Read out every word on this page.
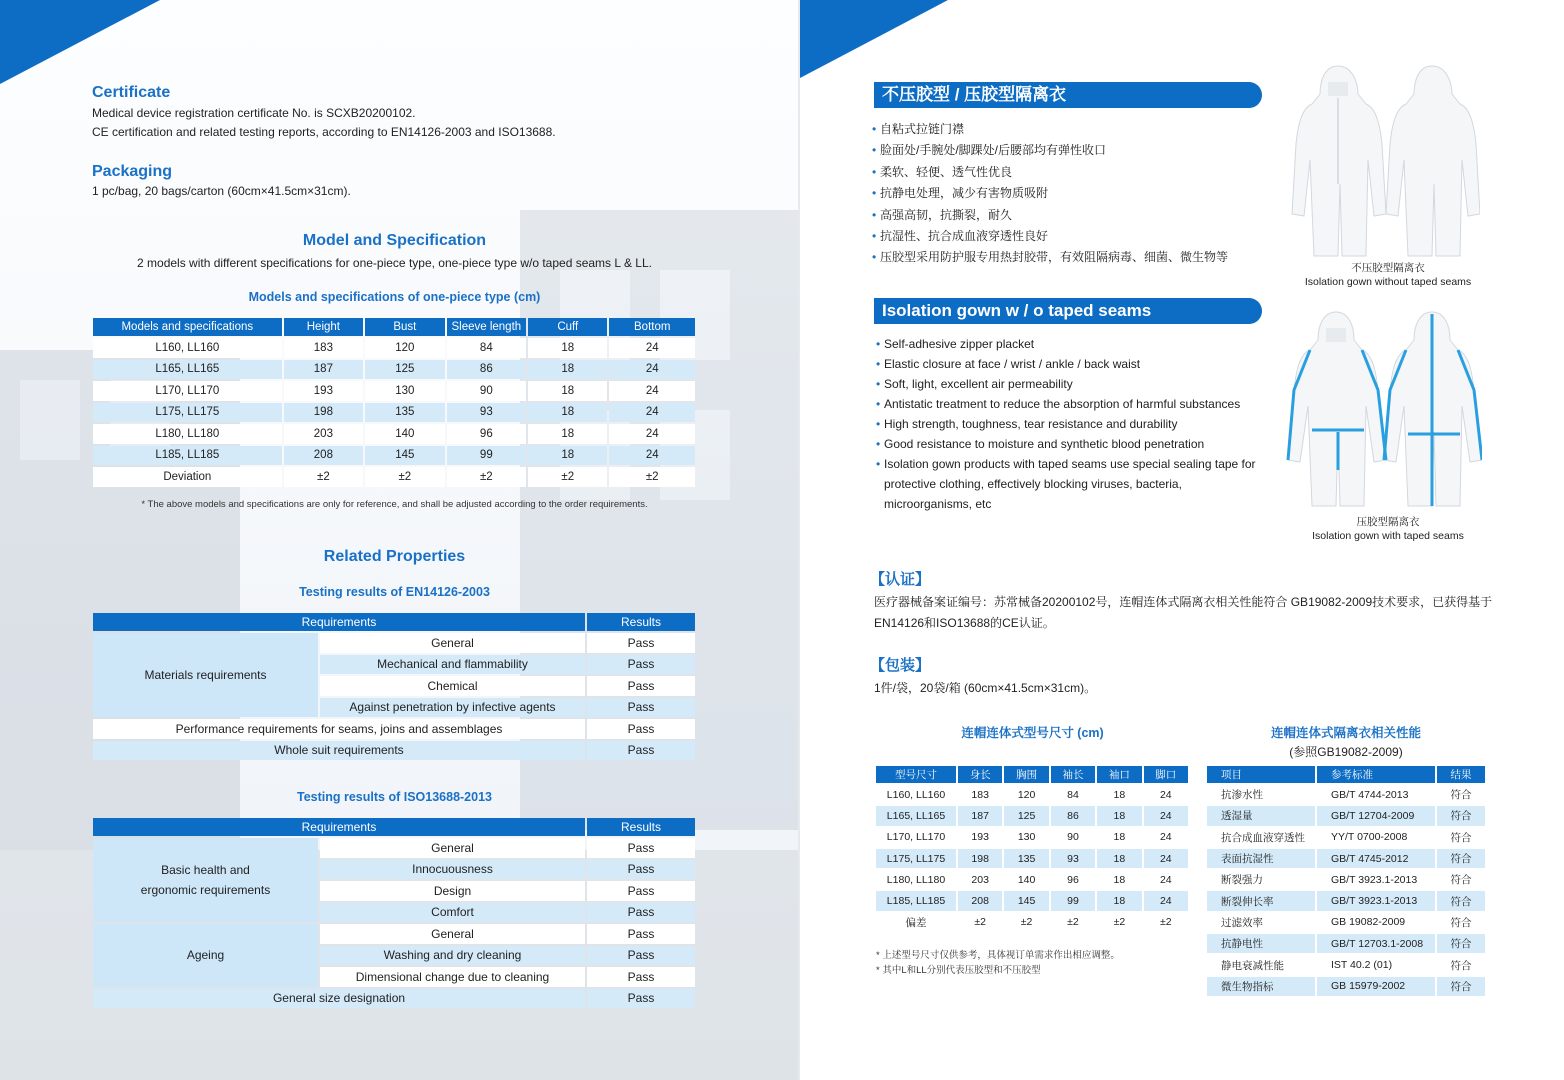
Certificate
Medical device registration certificate No. is SCXB20200102.
CE certification and related testing reports, according to EN14126-2003 and ISO13688.
Packaging
1 pc/bag, 20 bags/carton (60cm×41.5cm×31cm).
Model and Specification
2 models with different specifications for one-piece type, one-piece type w/o taped seams L & LL.
Models and specifications of one-piece type (cm)
Models and specifications	Height	Bust	Sleeve length	Cuff	Bottom
L160, LL160	183	120	84	18	24
L165, LL165	187	125	86	18	24
L170, LL170	193	130	90	18	24
L175, LL175	198	135	93	18	24
L180, LL180	203	140	96	18	24
L185, LL185	208	145	99	18	24
Deviation	±2	±2	±2	±2	±2
* The above models and specifications are only for reference, and shall be adjusted according to the order requirements.
Related Properties
Testing results of EN14126-2003
Requirements		Results
Materials requirements	General	Pass
	Mechanical and flammability	Pass
	Chemical	Pass
	Against penetration by infective agents	Pass
Performance requirements for seams, joins and assemblages		Pass
Whole suit requirements		Pass
Testing results of ISO13688-2013
Requirements		Results
Basic health and
ergonomic requirements	General	Pass
	Innocuousness	Pass
	Design	Pass
	Comfort	Pass
Ageing	General	Pass
	Washing and dry cleaning	Pass
	Dimensional change due to cleaning	Pass
General size designation		Pass
不压胶型 / 压胶型隔离衣
• 自粘式拉链门襟
• 脸面处/手腕处/脚踝处/后腰部均有弹性收口
• 柔软、轻便、透气性优良
• 抗静电处理，减少有害物质吸附
• 高强高韧，抗撕裂，耐久
• 抗湿性、抗合成血液穿透性良好
• 压胶型采用防护服专用热封胶带，有效阻隔病毒、细菌、微生物等
不压胶型隔离衣
Isolation gown without taped seams
Isolation gown w / o taped seams
• Self-adhesive zipper placket
• Elastic closure at face / wrist / ankle / back waist
• Soft, light, excellent air permeability
• Antistatic treatment to reduce the absorption of harmful substances
• High strength, toughness, tear resistance and durability
• Good resistance to moisture and synthetic blood penetration
• Isolation gown products with taped seams use special sealing tape for protective clothing, effectively blocking viruses, bacteria, microorganisms, etc
压胶型隔离衣
Isolation gown with taped seams
【认证】
医疗器械备案证编号：苏常械备20200102号，连帽连体式隔离衣相关性能符合 GB19082-2009技术要求，已获得基于
EN14126和ISO13688的CE认证。
【包装】
1件/袋，20袋/箱 (60cm×41.5cm×31cm)。
连帽连体式型号尺寸 (cm)
型号尺寸	身长	胸围	袖长	袖口	脚口
L160, LL160	183	120	84	18	24
L165, LL165	187	125	86	18	24
L170, LL170	193	130	90	18	24
L175, LL175	198	135	93	18	24
L180, LL180	203	140	96	18	24
L185, LL185	208	145	99	18	24
偏差	±2	±2	±2	±2	±2
* 上述型号尺寸仅供参考，具体视订单需求作出相应调整。
* 其中L和LL分别代表压胶型和不压胶型
连帽连体式隔离衣相关性能
(参照GB19082-2009)
项目	参考标准	结果
抗渗水性	GB/T 4744-2013	符合
透湿量	GB/T 12704-2009	符合
抗合成血液穿透性	YY/T 0700-2008	符合
表面抗湿性	GB/T 4745-2012	符合
断裂强力	GB/T 3923.1-2013	符合
断裂伸长率	GB/T 3923.1-2013	符合
过滤效率	GB 19082-2009	符合
抗静电性	GB/T 12703.1-2008	符合
静电衰减性能	IST 40.2 (01)	符合
微生物指标	GB 15979-2002	符合
